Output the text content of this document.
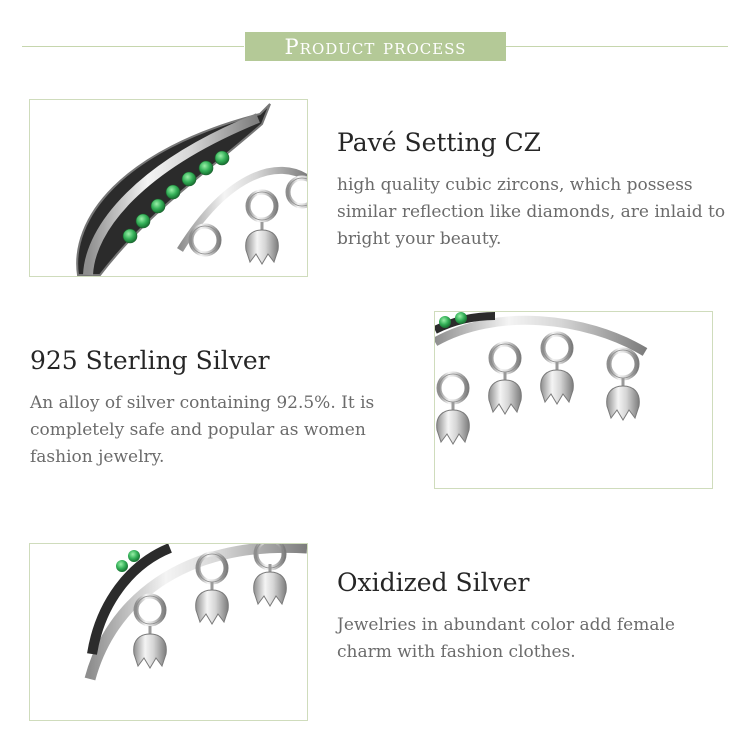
Product process
Pavé Setting CZ

high quality cubic zircons, which possess similar reflection like diamonds, are inlaid to bright your beauty.

925 Sterling Silver

An alloy of silver containing 92.5%. It is completely safe and popular as women fashion jewelry.

Oxidized Silver

Jewelries in abundant color add female charm with fashion clothes.
